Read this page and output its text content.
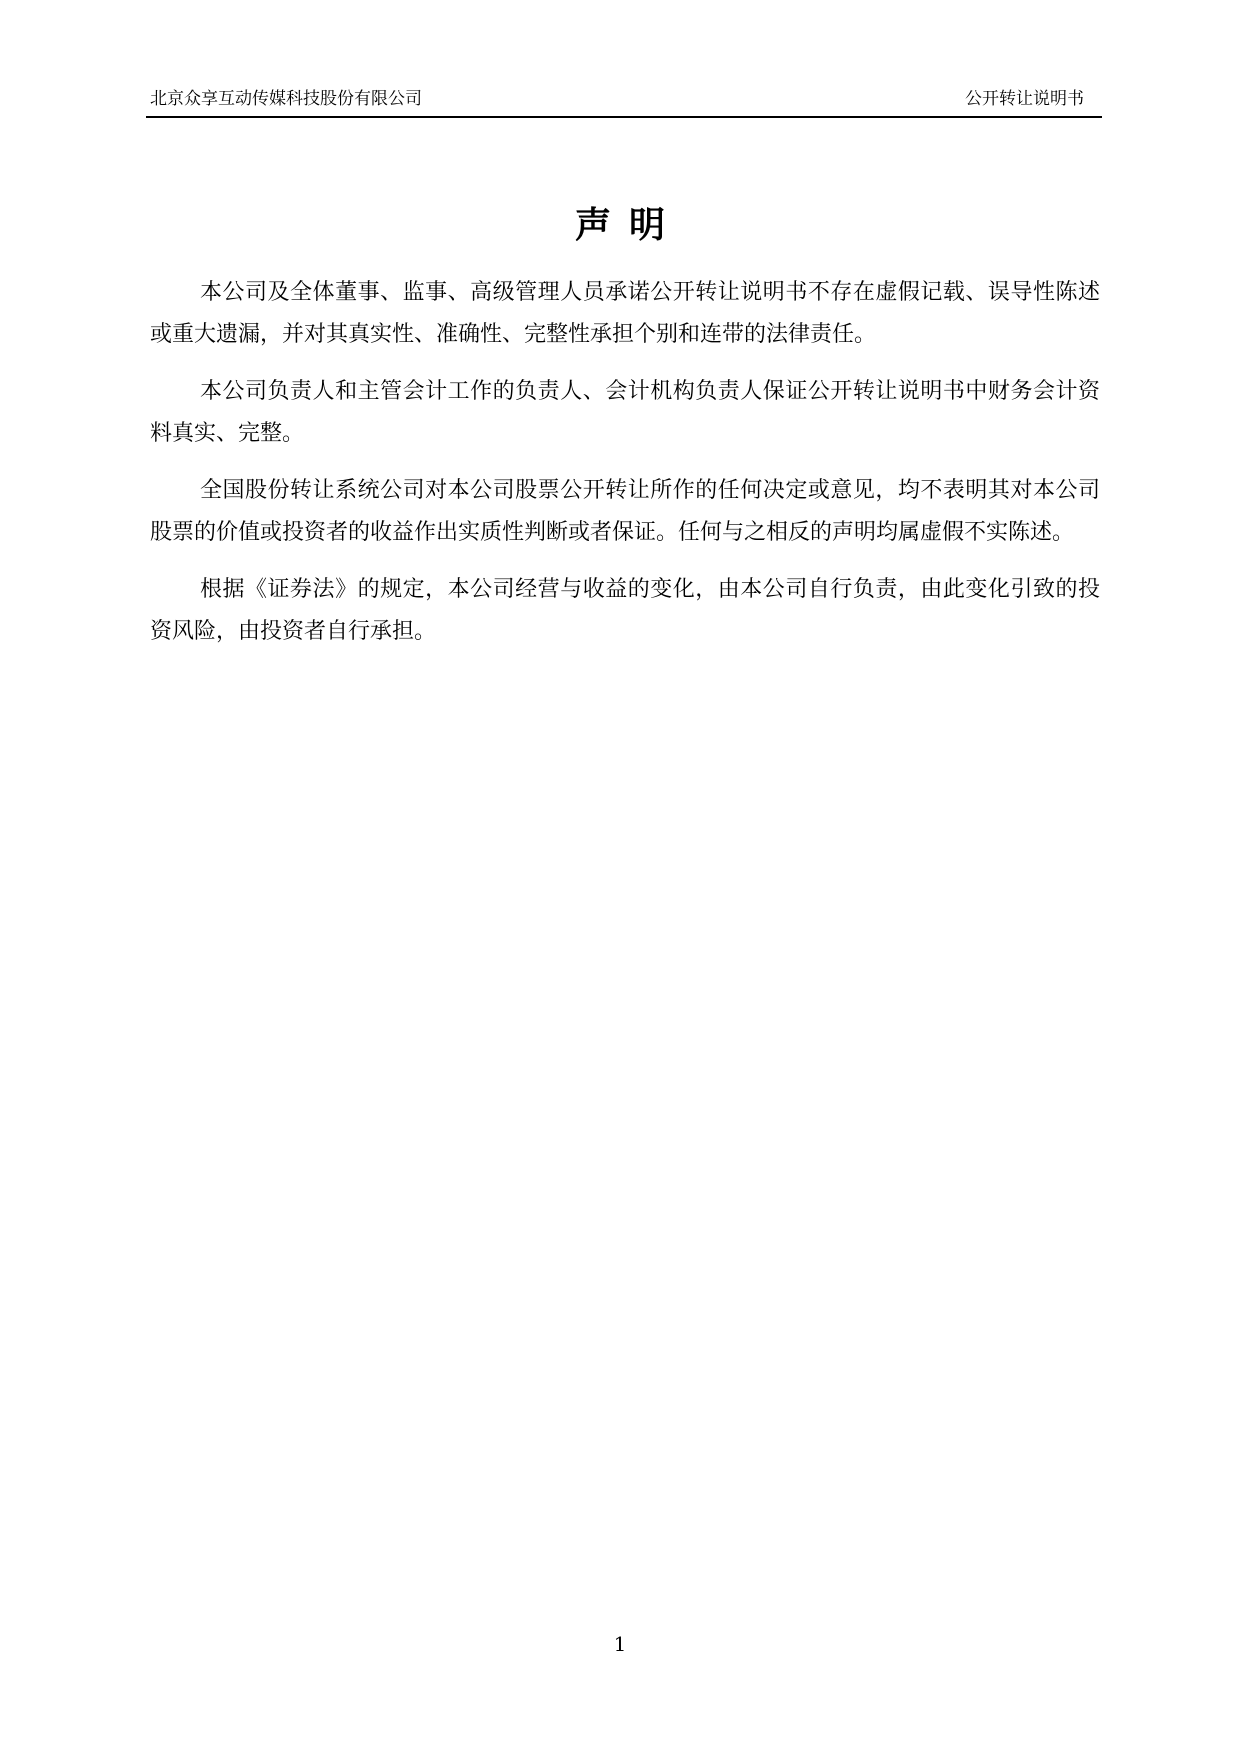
北京众享互动传媒科技股份有限公司	公开转让说明书
声明

本公司及全体董事、监事、高级管理人员承诺公开转让说明书不存在虚假记载、误导性陈述或重大遗漏，并对其真实性、准确性、完整性承担个别和连带的法律责任。

本公司负责人和主管会计工作的负责人、会计机构负责人保证公开转让说明书中财务会计资料真实、完整。

全国股份转让系统公司对本公司股票公开转让所作的任何决定或意见，均不表明其对本公司股票的价值或投资者的收益作出实质性判断或者保证。任何与之相反的声明均属虚假不实陈述。

根据《证券法》的规定，本公司经营与收益的变化，由本公司自行负责，由此变化引致的投资风险，由投资者自行承担。

1
